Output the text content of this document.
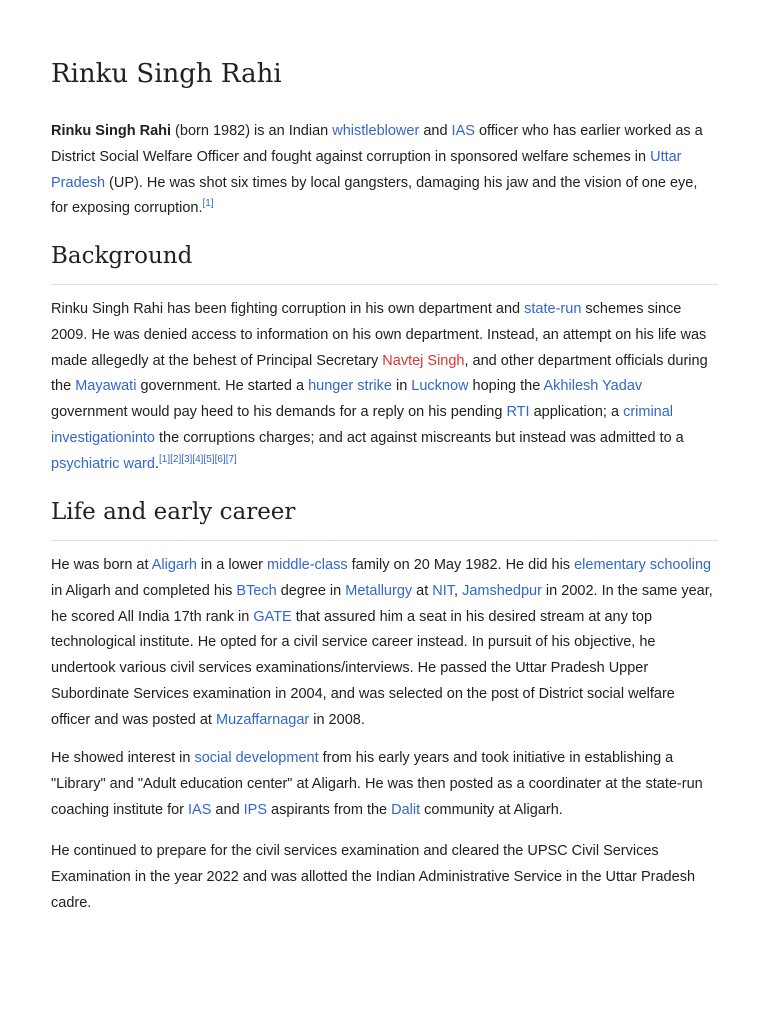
Rinku Singh Rahi

Rinku Singh Rahi (born 1982) is an Indian whistleblower and IAS officer who has earlier worked as a District Social Welfare Officer and fought against corruption in sponsored welfare schemes in Uttar Pradesh (UP). He was shot six times by local gangsters, damaging his jaw and the vision of one eye, for exposing corruption.[1]

Background

Rinku Singh Rahi has been fighting corruption in his own department and state-run schemes since 2009. He was denied access to information on his own department. Instead, an attempt on his life was made allegedly at the behest of Principal Secretary Navtej Singh, and other department officials during the Mayawati government. He started a hunger strike in Lucknow hoping the Akhilesh Yadav government would pay heed to his demands for a reply on his pending RTI application; a criminal investigationinto the corruptions charges; and act against miscreants but instead was admitted to a psychiatric ward.[1][2][3][4][5][6][7]

Life and early career

He was born at Aligarh in a lower middle-class family on 20 May 1982. He did his elementary schooling in Aligarh and completed his BTech degree in Metallurgy at NIT, Jamshedpur in 2002. In the same year, he scored All India 17th rank in GATE that assured him a seat in his desired stream at any top technological institute. He opted for a civil service career instead. In pursuit of his objective, he undertook various civil services examinations/interviews. He passed the Uttar Pradesh Upper Subordinate Services examination in 2004, and was selected on the post of District social welfare officer and was posted at Muzaffarnagar in 2008.

He showed interest in social development from his early years and took initiative in establishing a "Library" and "Adult education center" at Aligarh. He was then posted as a coordinater at the state-run coaching institute for IAS and IPS aspirants from the Dalit community at Aligarh.

He continued to prepare for the civil services examination and cleared the UPSC Civil Services Examination in the year 2022 and was allotted the Indian Administrative Service in the Uttar Pradesh cadre.
